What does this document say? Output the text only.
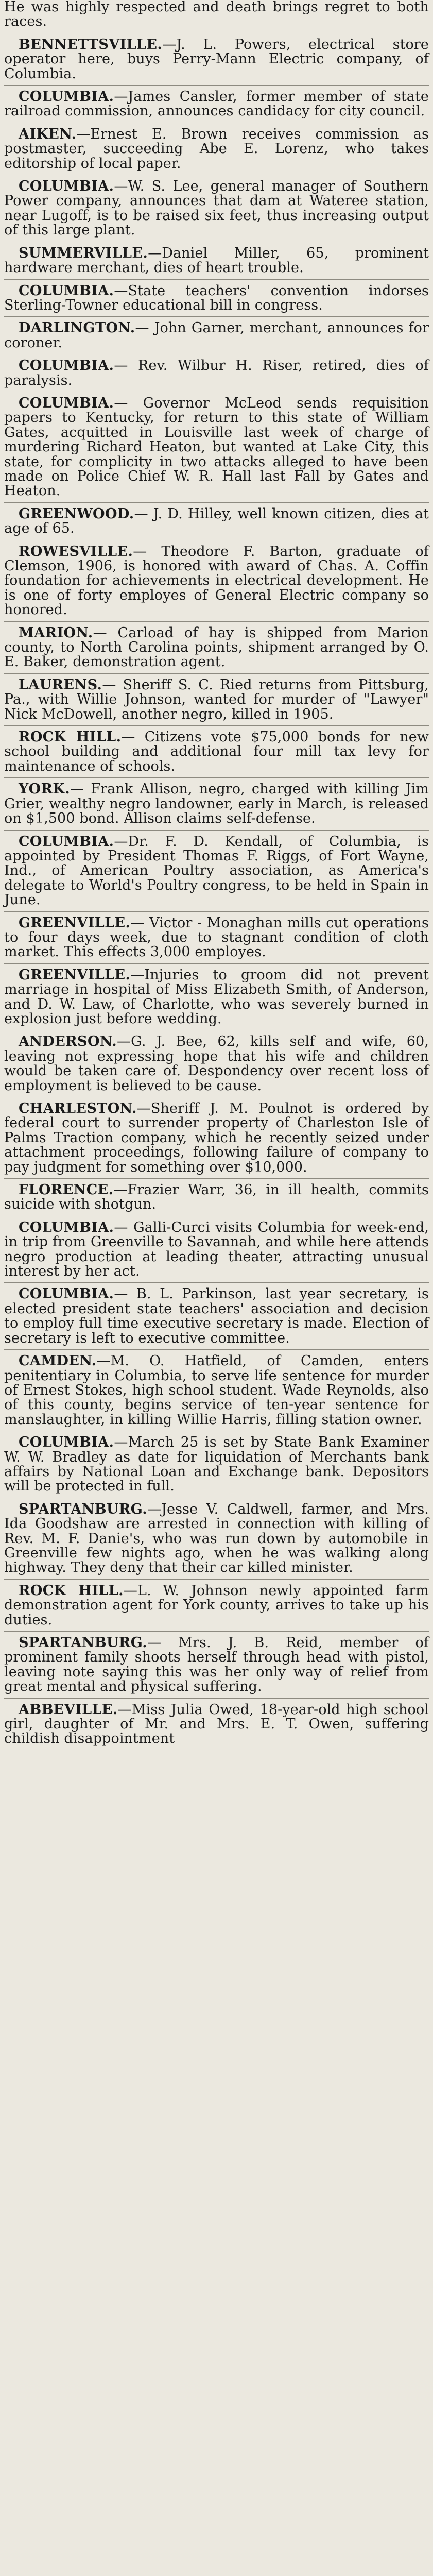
He was highly respected and death brings regret to both races.

BENNETTSVILLE.—J. L. Powers, electrical store operator here, buys Perry-Mann Electric company, of Columbia.

COLUMBIA.—James Cansler, former member of state railroad commission, announces candidacy for city council.

AIKEN.—Ernest E. Brown receives commission as postmaster, succeeding Abe E. Lorenz, who takes editorship of local paper.

COLUMBIA.—W. S. Lee, general manager of Southern Power company, announces that dam at Wateree station, near Lugoff, is to be raised six feet, thus increasing output of this large plant.

SUMMERVILLE.—Daniel Miller, 65, prominent hardware merchant, dies of heart trouble.

COLUMBIA.—State teachers' convention indorses Sterling-Towner educational bill in congress.

DARLINGTON.— John Garner, merchant, announces for coroner.

COLUMBIA.— Rev. Wilbur H. Riser, retired, dies of paralysis.

COLUMBIA.— Governor McLeod sends requisition papers to Kentucky, for return to this state of William Gates, acquitted in Louisville last week of charge of murdering Richard Heaton, but wanted at Lake City, this state, for complicity in two attacks alleged to have been made on Police Chief W. R. Hall last Fall by Gates and Heaton.

GREENWOOD.— J. D. Hilley, well known citizen, dies at age of 65.

ROWESVILLE.— Theodore F. Barton, graduate of Clemson, 1906, is honored with award of Chas. A. Coffin foundation for achievements in electrical development. He is one of forty employes of General Electric company so honored.

MARION.— Carload of hay is shipped from Marion county, to North Carolina points, shipment arranged by O. E. Baker, demonstration agent.

LAURENS.— Sheriff S. C. Ried returns from Pittsburg, Pa., with Willie Johnson, wanted for murder of "Lawyer" Nick McDowell, another negro, killed in 1905.

ROCK HILL.— Citizens vote $75,000 bonds for new school building and additional four mill tax levy for maintenance of schools.

YORK.— Frank Allison, negro, charged with killing Jim Grier, wealthy negro landowner, early in March, is released on $1,500 bond. Allison claims self-defense.

COLUMBIA.—Dr. F. D. Kendall, of Columbia, is appointed by President Thomas F. Riggs, of Fort Wayne, Ind., of American Poultry association, as America's delegate to World's Poultry congress, to be held in Spain in June.

GREENVILLE.— Victor - Monaghan mills cut operations to four days week, due to stagnant condition of cloth market. This effects 3,000 employes.

GREENVILLE.—Injuries to groom did not prevent marriage in hospital of Miss Elizabeth Smith, of Anderson, and D. W. Law, of Charlotte, who was severely burned in explosion just before wedding.

ANDERSON.—G. J. Bee, 62, kills self and wife, 60, leaving not expressing hope that his wife and children would be taken care of. Despondency over recent loss of employment is believed to be cause.

CHARLESTON.—Sheriff J. M. Poulnot is ordered by federal court to surrender property of Charleston Isle of Palms Traction company, which he recently seized under attachment proceedings, following failure of company to pay judgment for something over $10,000.

FLORENCE.—Frazier Warr, 36, in ill health, commits suicide with shotgun.

COLUMBIA.— Galli-Curci visits Columbia for week-end, in trip from Greenville to Savannah, and while here attends negro production at leading theater, attracting unusual interest by her act.

COLUMBIA.— B. L. Parkinson, last year secretary, is elected president state teachers' association and decision to employ full time executive secretary is made. Election of secretary is left to executive committee.

CAMDEN.—M. O. Hatfield, of Camden, enters penitentiary in Columbia, to serve life sentence for murder of Ernest Stokes, high school student. Wade Reynolds, also of this county, begins service of ten-year sentence for manslaughter, in killing Willie Harris, filling station owner.

COLUMBIA.—March 25 is set by State Bank Examiner W. W. Bradley as date for liquidation of Merchants bank affairs by National Loan and Exchange bank. Depositors will be protected in full.

SPARTANBURG.—Jesse V. Caldwell, farmer, and Mrs. Ida Goodshaw are arrested in connection with killing of Rev. M. F. Danie's, who was run down by automobile in Greenville few nights ago, when he was walking along highway. They deny that their car killed minister.

ROCK HILL.—L. W. Johnson newly appointed farm demonstration agent for York county, arrives to take up his duties.

SPARTANBURG.— Mrs. J. B. Reid, member of prominent family shoots herself through head with pistol, leaving note saying this was her only way of relief from great mental and physical suffering.

ABBEVILLE.—Miss Julia Owed, 18-year-old high school girl, daughter of Mr. and Mrs. E. T. Owen, suffering childish disappointment
